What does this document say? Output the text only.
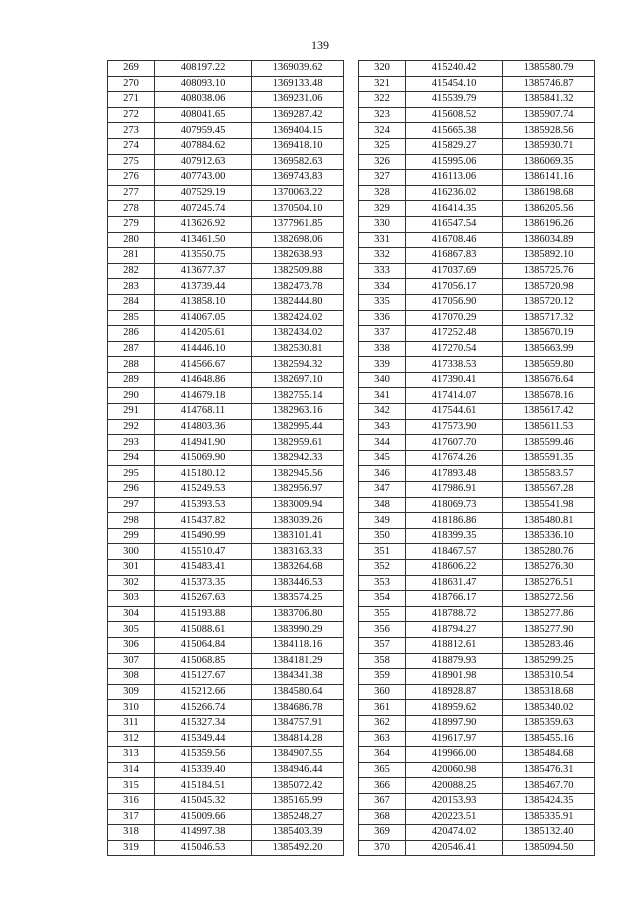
139
269	408197.22	1369039.62
270	408093.10	1369133.48
271	408038.06	1369231.06
272	408041.65	1369287.42
273	407959.45	1369404.15
274	407884.62	1369418.10
275	407912.63	1369582.63
276	407743.00	1369743.83
277	407529.19	1370063.22
278	407245.74	1370504.10
279	413626.92	1377961.85
280	413461.50	1382698.06
281	413550.75	1382638.93
282	413677.37	1382509.88
283	413739.44	1382473.78
284	413858.10	1382444.80
285	414067.05	1382424.02
286	414205.61	1382434.02
287	414446.10	1382530.81
288	414566.67	1382594.32
289	414648.86	1382697.10
290	414679.18	1382755.14
291	414768.11	1382963.16
292	414803.36	1382995.44
293	414941.90	1382959.61
294	415069.90	1382942.33
295	415180.12	1382945.56
296	415249.53	1382956.97
297	415393.53	1383009.94
298	415437.82	1383039.26
299	415490.99	1383101.41
300	415510.47	1383163.33
301	415483.41	1383264.68
302	415373.35	1383446.53
303	415267.63	1383574.25
304	415193.88	1383706.80
305	415088.61	1383990.29
306	415064.84	1384118.16
307	415068.85	1384181.29
308	415127.67	1384341.38
309	415212.66	1384580.64
310	415266.74	1384686.78
311	415327.34	1384757.91
312	415349.44	1384814.28
313	415359.56	1384907.55
314	415339.40	1384946.44
315	415184.51	1385072.42
316	415045.32	1385165.99
317	415009.66	1385248.27
318	414997.38	1385403.39
319	415046.53	1385492.20
320	415240.42	1385580.79
321	415454.10	1385746.87
322	415539.79	1385841.32
323	415608.52	1385907.74
324	415665.38	1385928.56
325	415829.27	1385930.71
326	415995.06	1386069.35
327	416113.06	1386141.16
328	416236.02	1386198.68
329	416414.35	1386205.56
330	416547.54	1386196.26
331	416708.46	1386034.89
332	416867.83	1385892.10
333	417037.69	1385725.76
334	417056.17	1385720.98
335	417056.90	1385720.12
336	417070.29	1385717.32
337	417252.48	1385670.19
338	417270.54	1385663.99
339	417338.53	1385659.80
340	417390.41	1385676.64
341	417414.07	1385678.16
342	417544.61	1385617.42
343	417573.90	1385611.53
344	417607.70	1385599.46
345	417674.26	1385591.35
346	417893.48	1385583.57
347	417986.91	1385567.28
348	418069.73	1385541.98
349	418186.86	1385480.81
350	418399.35	1385336.10
351	418467.57	1385280.76
352	418606.22	1385276.30
353	418631.47	1385276.51
354	418766.17	1385272.56
355	418788.72	1385277.86
356	418794.27	1385277.90
357	418812.61	1385283.46
358	418879.93	1385299.25
359	418901.98	1385310.54
360	418928.87	1385318.68
361	418959.62	1385340.02
362	418997.90	1385359.63
363	419617.97	1385455.16
364	419966.00	1385484.68
365	420060.98	1385476.31
366	420088.25	1385467.70
367	420153.93	1385424.35
368	420223.51	1385335.91
369	420474.02	1385132.40
370	420546.41	1385094.50
